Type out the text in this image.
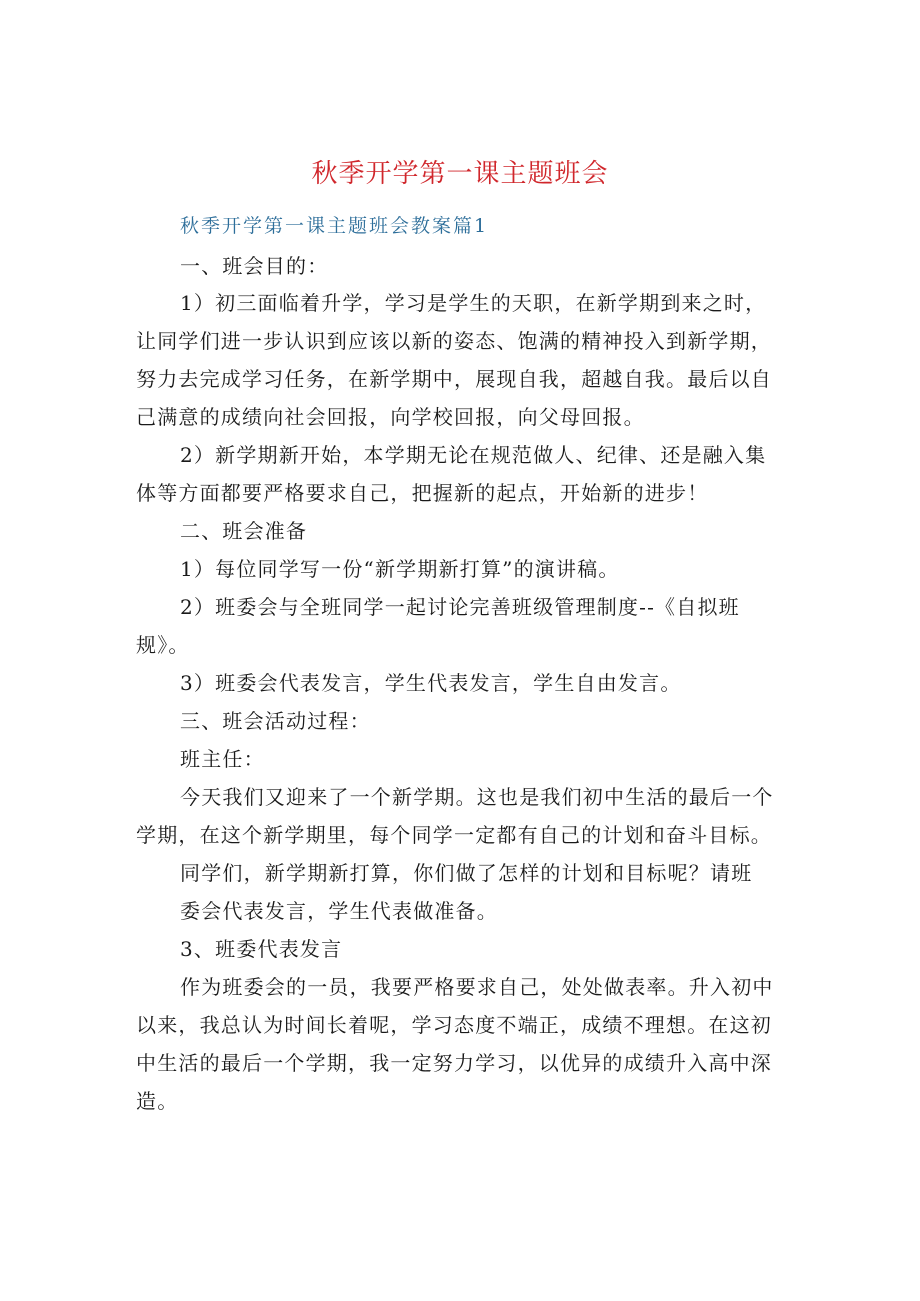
秋季开学第一课主题班会
秋季开学第一课主题班会教案篇1
一、班会目的：
1）初三面临着升学，学习是学生的天职，在新学期到来之时，
让同学们进一步认识到应该以新的姿态、饱满的精神投入到新学期，
努力去完成学习任务，在新学期中，展现自我，超越自我。最后以自
己满意的成绩向社会回报，向学校回报，向父母回报。
2）新学期新开始，本学期无论在规范做人、纪律、还是融入集
体等方面都要严格要求自己，把握新的起点，开始新的进步！
二、班会准备
1）每位同学写一份“新学期新打算”的演讲稿。
2）班委会与全班同学一起讨论完善班级管理制度--《自拟班
规》。
3）班委会代表发言，学生代表发言，学生自由发言。
三、班会活动过程：
班主任：
今天我们又迎来了一个新学期。这也是我们初中生活的最后一个
学期，在这个新学期里，每个同学一定都有自己的计划和奋斗目标。
同学们，新学期新打算，你们做了怎样的计划和目标呢？请班
委会代表发言，学生代表做准备。
3、班委代表发言
作为班委会的一员，我要严格要求自己，处处做表率。升入初中
以来，我总认为时间长着呢，学习态度不端正，成绩不理想。在这初
中生活的最后一个学期，我一定努力学习，以优异的成绩升入高中深
造。
